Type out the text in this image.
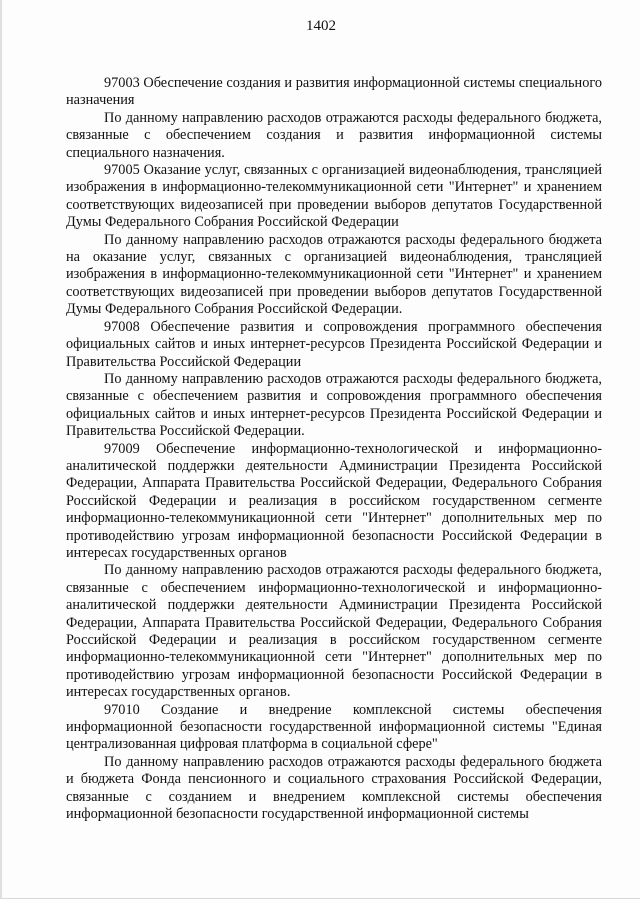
1402

97003 Обеспечение создания и развития информационной системы специального назначения

По данному направлению расходов отражаются расходы федерального бюджета, связанные с обеспечением создания и развития информационной системы специального назначения.

97005 Оказание услуг, связанных с организацией видеонаблюдения, трансляцией изображения в информационно-телекоммуникационной сети "Интернет" и хранением соответствующих видеозаписей при проведении выборов депутатов Государственной Думы Федерального Собрания Российской Федерации

По данному направлению расходов отражаются расходы федерального бюджета на оказание услуг, связанных с организацией видеонаблюдения, трансляцией изображения в информационно-телекоммуникационной сети "Интернет" и хранением соответствующих видеозаписей при проведении выборов депутатов Государственной Думы Федерального Собрания Российской Федерации.

97008 Обеспечение развития и сопровождения программного обеспечения официальных сайтов и иных интернет-ресурсов Президента Российской Федерации и Правительства Российской Федерации

По данному направлению расходов отражаются расходы федерального бюджета, связанные с обеспечением развития и сопровождения программного обеспечения официальных сайтов и иных интернет-ресурсов Президента Российской Федерации и Правительства Российской Федерации.

97009 Обеспечение информационно-технологической и информационно-аналитической поддержки деятельности Администрации Президента Российской Федерации, Аппарата Правительства Российской Федерации, Федерального Собрания Российской Федерации и реализация в российском государственном сегменте информационно-телекоммуникационной сети "Интернет" дополнительных мер по противодействию угрозам информационной безопасности Российской Федерации в интересах государственных органов

По данному направлению расходов отражаются расходы федерального бюджета, связанные с обеспечением информационно-технологической и информационно-аналитической поддержки деятельности Администрации Президента Российской Федерации, Аппарата Правительства Российской Федерации, Федерального Собрания Российской Федерации и реализация в российском государственном сегменте информационно-телекоммуникационной сети "Интернет" дополнительных мер по противодействию угрозам информационной безопасности Российской Федерации в интересах государственных органов.

97010 Создание и внедрение комплексной системы обеспечения информационной безопасности государственной информационной системы "Единая централизованная цифровая платформа в социальной сфере"

По данному направлению расходов отражаются расходы федерального бюджета и бюджета Фонда пенсионного и социального страхования Российской Федерации, связанные с созданием и внедрением комплексной системы обеспечения информационной безопасности государственной информационной системы
